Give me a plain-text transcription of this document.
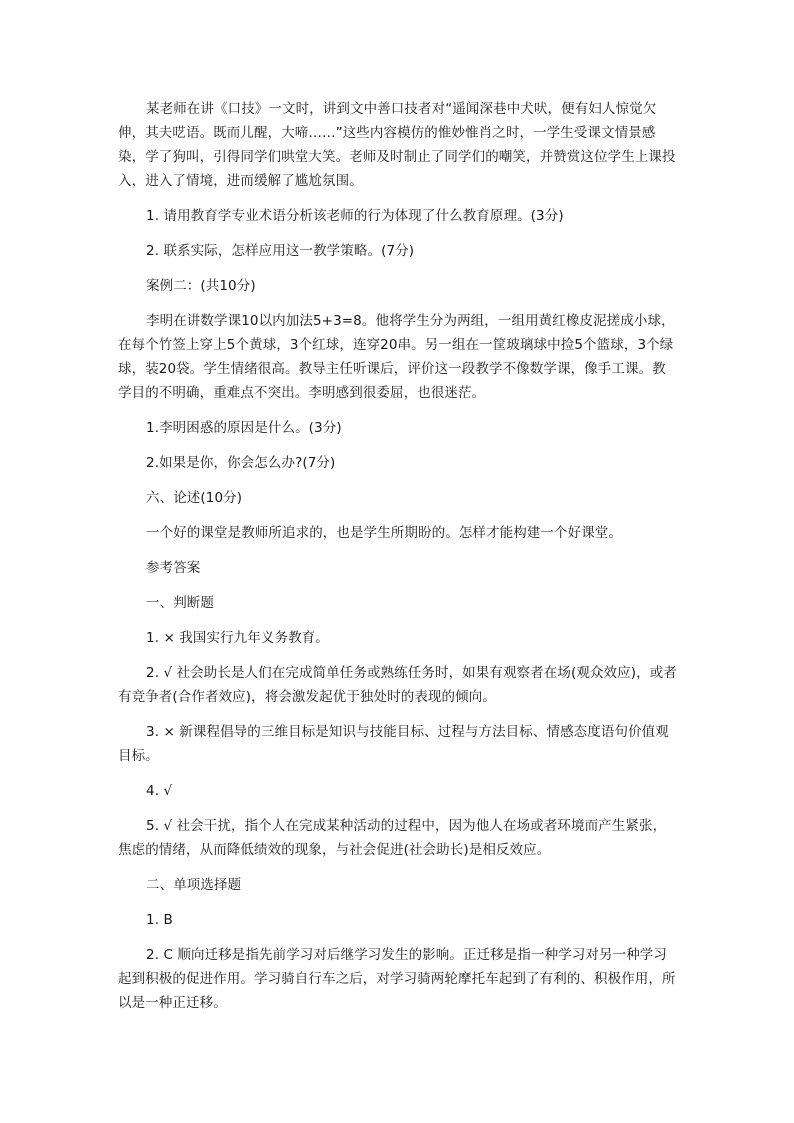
某老师在讲《口技》一文时，讲到文中善口技者对“遥闻深巷中犬吠，便有妇人惊觉欠伸，其夫呓语。既而儿醒，大啼……”这些内容模仿的惟妙惟肖之时，一学生受课文情景感染，学了狗叫，引得同学们哄堂大笑。老师及时制止了同学们的嘲笑，并赞赏这位学生上课投入，进入了情境，进而缓解了尴尬氛围。

1. 请用教育学专业术语分析该老师的行为体现了什么教育原理。(3分)

2. 联系实际，怎样应用这一教学策略。(7分)

案例二：(共10分)

李明在讲数学课10以内加法5+3=8。他将学生分为两组，一组用黄红橡皮泥搓成小球，在每个竹签上穿上5个黄球，3个红球，连穿20串。另一组在一筐玻璃球中捡5个篮球，3个绿球，装20袋。学生情绪很高。教导主任听课后，评价这一段教学不像数学课，像手工课。教学目的不明确，重难点不突出。李明感到很委屈，也很迷茫。

1.李明困惑的原因是什么。(3分)

2.如果是你，你会怎么办?(7分)

六、论述(10分)

一个好的课堂是教师所追求的，也是学生所期盼的。怎样才能构建一个好课堂。

参考答案

一、判断题

1. × 我国实行九年义务教育。

2. √ 社会助长是人们在完成简单任务或熟练任务时，如果有观察者在场(观众效应)，或者有竞争者(合作者效应)，将会激发起优于独处时的表现的倾向。

3. × 新课程倡导的三维目标是知识与技能目标、过程与方法目标、情感态度语句价值观目标。

4. √

5. √ 社会干扰，指个人在完成某种活动的过程中，因为他人在场或者环境而产生紧张，焦虑的情绪，从而降低绩效的现象，与社会促进(社会助长)是相反效应。

二、单项选择题

1. B

2. C 顺向迁移是指先前学习对后继学习发生的影响。正迁移是指一种学习对另一种学习起到积极的促进作用。学习骑自行车之后，对学习骑两轮摩托车起到了有利的、积极作用，所以是一种正迁移。
